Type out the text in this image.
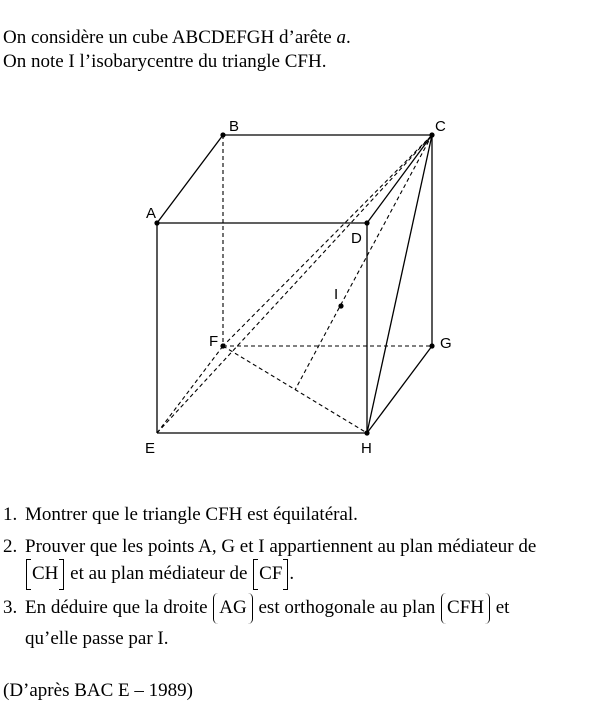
On considère un cube ABCDEFGH d’arête a.
On note I l’isobarycentre du triangle CFH.
A
B	C
D
E
F	G
H
I
1. Montrer que le triangle CFH est équilatéral.
2. Prouver que les points A, G et I appartiennent au plan médiateur de
CH et au plan médiateur de CF .
3. En déduire que la droite AG est orthogonale au plan CFH et
qu’elle passe par I.
(D’après BAC E – 1989)
